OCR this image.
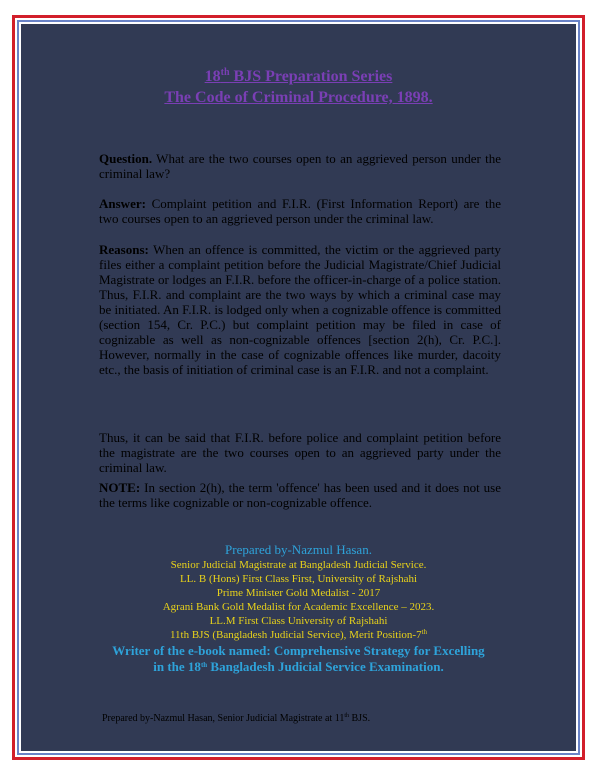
18th BJS Preparation Series
The Code of Criminal Procedure, 1898.
Question. What are the two courses open to an aggrieved person under the criminal law?
Answer: Complaint petition and F.I.R. (First Information Report) are the two courses open to an aggrieved person under the criminal law.
Reasons: When an offence is committed, the victim or the aggrieved party files either a complaint petition before the Judicial Magistrate/Chief Judicial Magistrate or lodges an F.I.R. before the officer-in-charge of a police station. Thus, F.I.R. and complaint are the two ways by which a criminal case may be initiated. An F.I.R. is lodged only when a cognizable offence is committed (section 154, Cr. P.C.) but complaint petition may be filed in case of cognizable as well as non-cognizable offences [section 2(h), Cr. P.C.]. However, normally in the case of cognizable offences like murder, dacoity etc., the basis of initiation of criminal case is an F.I.R. and not a complaint.
Thus, it can be said that F.I.R. before police and complaint petition before the magistrate are the two courses open to an aggrieved party under the criminal law.
NOTE: In section 2(h), the term 'offence' has been used and it does not use the terms like cognizable or non-cognizable offence.
Prepared by-Nazmul Hasan.
Senior Judicial Magistrate at Bangladesh Judicial Service.
LL. B (Hons) First Class First, University of Rajshahi
Prime Minister Gold Medalist - 2017
Agrani Bank Gold Medalist for Academic Excellence – 2023.
LL.M First Class University of Rajshahi
11th BJS (Bangladesh Judicial Service), Merit Position-7th
Writer of the e-book named: Comprehensive Strategy for Excelling
in the 18th Bangladesh Judicial Service Examination.
Prepared by-Nazmul Hasan, Senior Judicial Magistrate at 11th BJS.
